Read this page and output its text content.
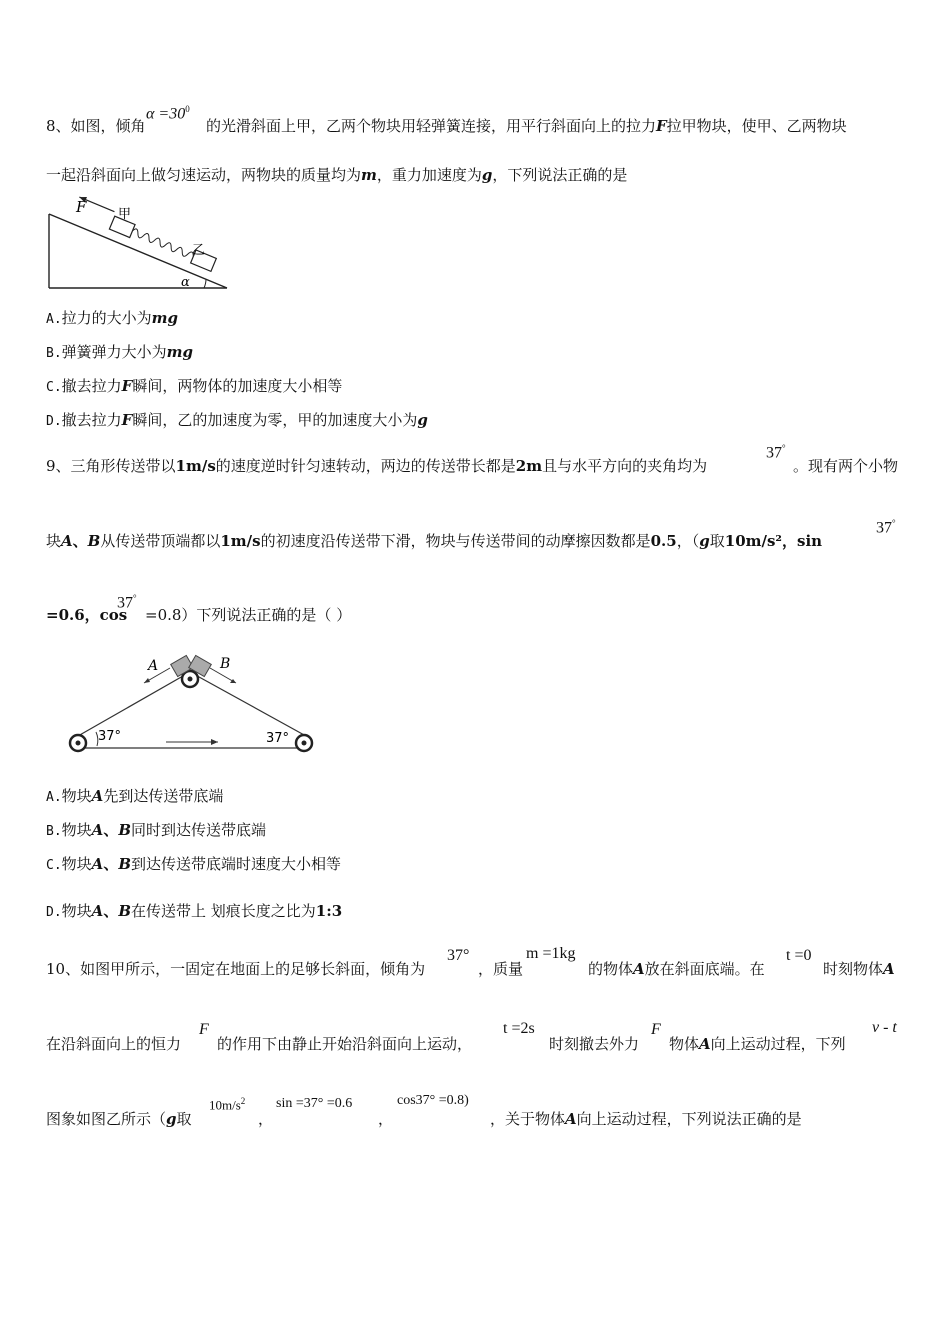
8、如图，倾角
$\alpha =30^0$
的光滑斜面上甲，乙两个物块用轻弹簧连接，用平行斜面向上的拉力F拉甲物块，使甲、乙两物块
一起沿斜面向上做匀速运动，两物块的质量均为m，重力加速度为g，下列说法正确的是
F 甲
乙
α
A.拉力的大小为mg
B.弹簧弹力大小为mg
C.撤去拉力F瞬间，两物体的加速度大小相等
D.撤去拉力F瞬间，乙的加速度为零，甲的加速度大小为g
9、三角形传送带以1m/s的速度逆时针匀速转动，两边的传送带长都是2m且与水平方向的夹角均为
37°
。现有两个小物
块A、B从传送带顶端都以1m/s的初速度沿传送带下滑，物块与传送带间的动摩擦因数都是0.5，（g取10m/s²，sin
37°
=0.6，cos
37°
=0.8）下列说法正确的是（ ）
A	B
37°	37°
A.物块A先到达传送带底端
B.物块A、B同时到达传送带底端
C.物块A、B到达传送带底端时速度大小相等
D.物块A、B在传送带上 划痕长度之比为1:3
10、如图甲所示，一固定在地面上的足够长斜面，倾角为
37°
，质量
m =1kg
的物体A放在斜面底端。在
t =0
时刻物体A
在沿斜面向上的恒力
F
的作用下由静止开始沿斜面向上运动，
t =2s
时刻撤去外力
F
物体A向上运动过程，下列
v - t
图象如图乙所示（g取
$10m/s^2$
，
sin =37° =0.6
，
cos37° =0.8)
，关于物体A向上运动过程，下列说法正确的是
